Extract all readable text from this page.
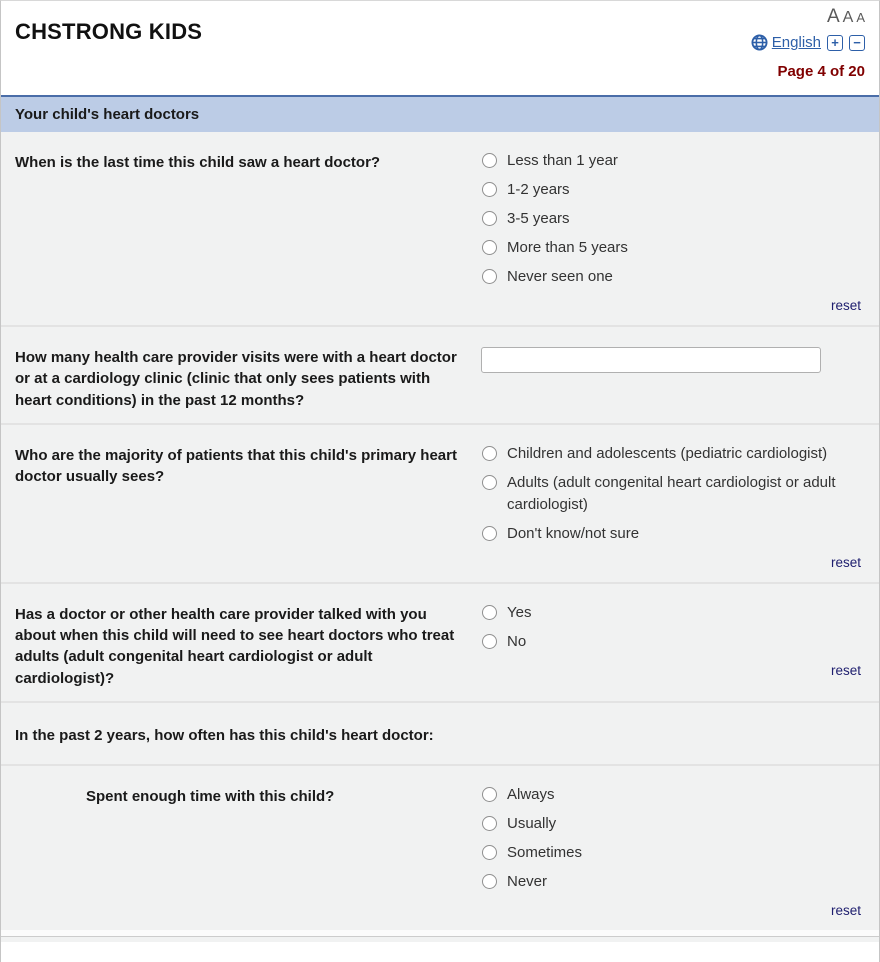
CHSTRONG KIDS
A A A
English +	−
Page 4 of 20
Your child's heart doctors
When is the last time this child saw a heart doctor?	Less than 1 year
1-2 years
3-5 years
More than 5 years
Never seen one
reset
How many health care provider visits were with a heart doctor or at a cardiology clinic (clinic that only sees patients with heart conditions) in the past 12 months?
Who are the majority of patients that this child's primary heart doctor usually sees?
Children and adolescents (pediatric cardiologist)
Adults (adult congenital heart cardiologist or adult cardiologist)
Don't know/not sure
reset
Has a doctor or other health care provider talked with you about when this child will need to see heart doctors who treat adults (adult congenital heart cardiologist or adult cardiologist)?
Yes
No
reset
In the past 2 years, how often has this child's heart doctor:
Spent enough time with this child?	Always
Usually
Sometimes
Never
reset
